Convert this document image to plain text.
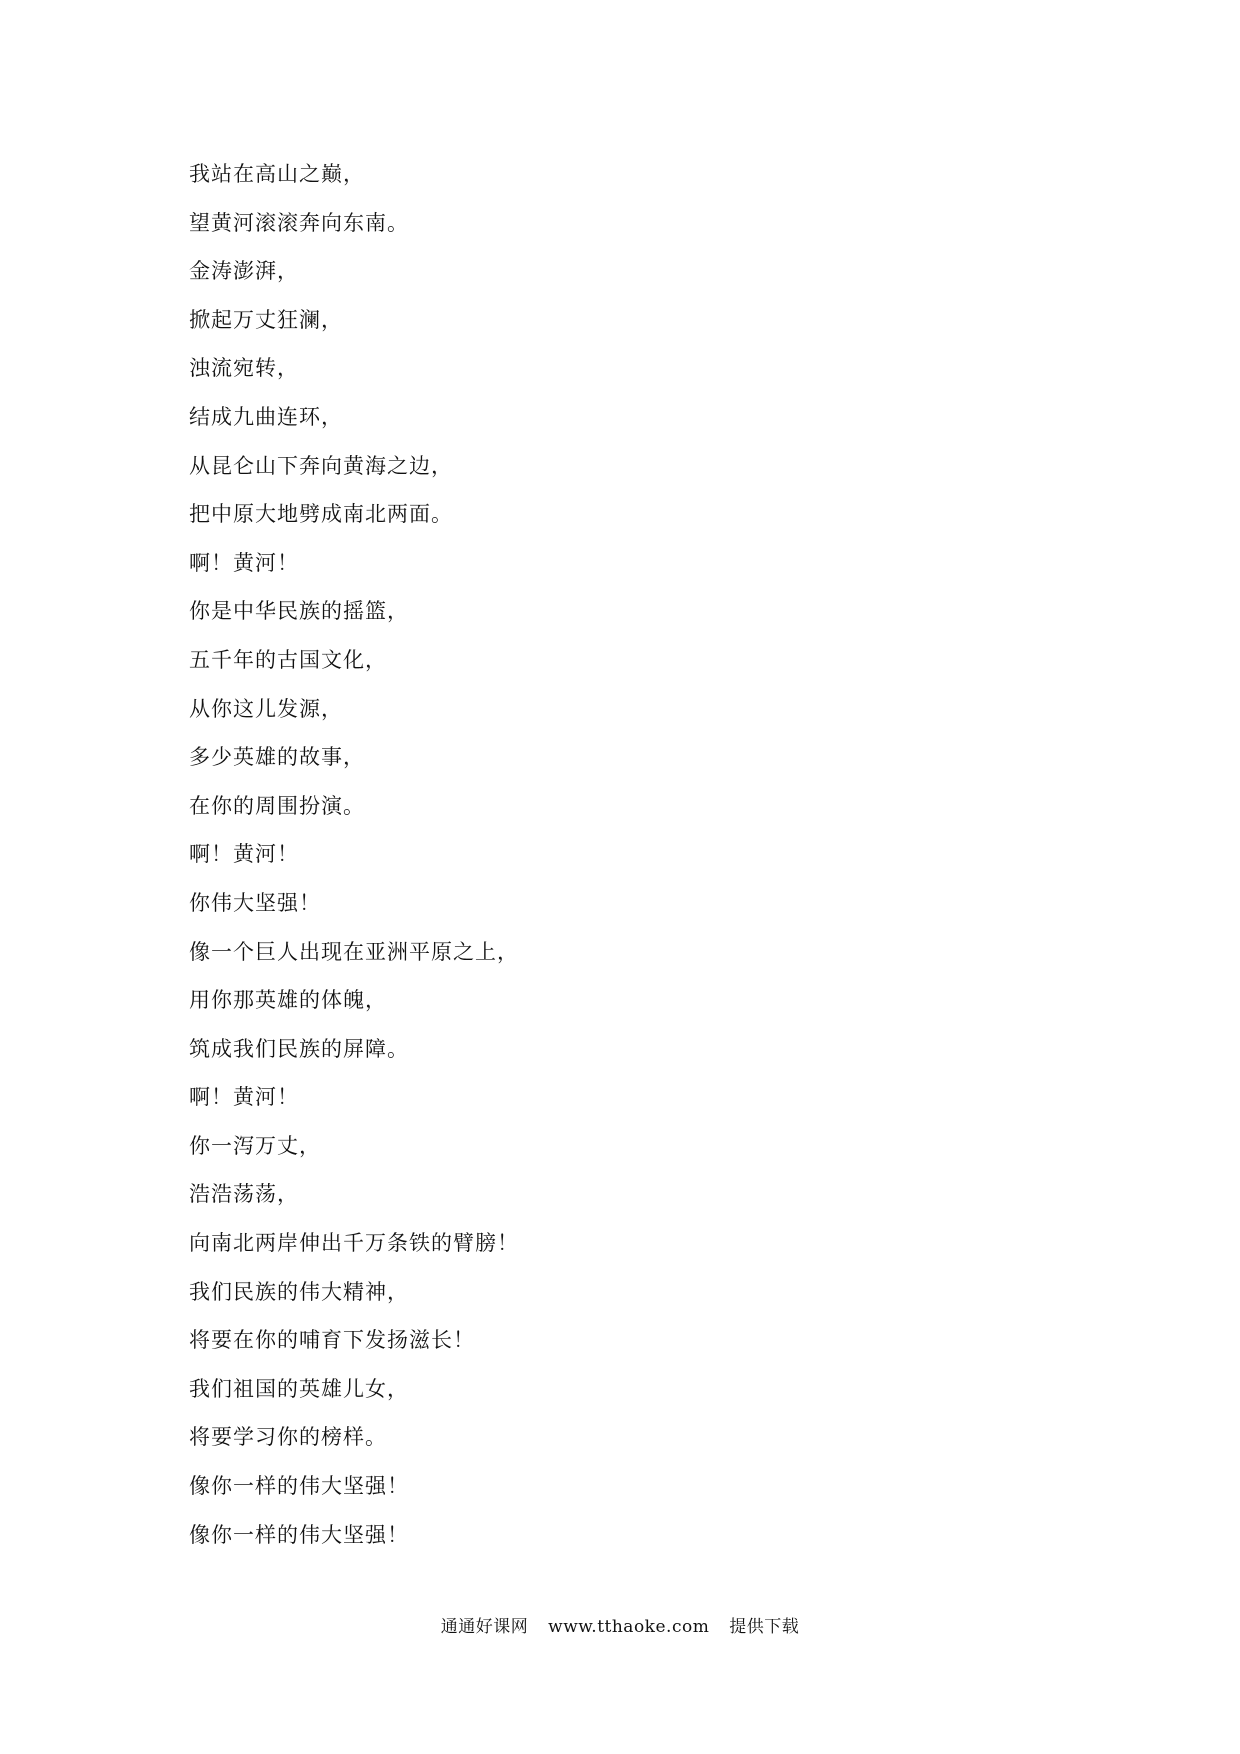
我站在高山之巅，
望黄河滚滚奔向东南。
金涛澎湃，
掀起万丈狂澜，
浊流宛转，
结成九曲连环，
从昆仑山下奔向黄海之边，
把中原大地劈成南北两面。
啊！黄河！
你是中华民族的摇篮，
五千年的古国文化，
从你这儿发源，
多少英雄的故事，
在你的周围扮演。
啊！黄河！
你伟大坚强！
像一个巨人出现在亚洲平原之上，
用你那英雄的体魄，
筑成我们民族的屏障。
啊！黄河！
你一泻万丈，
浩浩荡荡，
向南北两岸伸出千万条铁的臂膀！
我们民族的伟大精神，
将要在你的哺育下发扬滋长！
我们祖国的英雄儿女，
将要学习你的榜样。
像你一样的伟大坚强！
像你一样的伟大坚强！
通通好课网 www.tthaoke.com 提供下载
